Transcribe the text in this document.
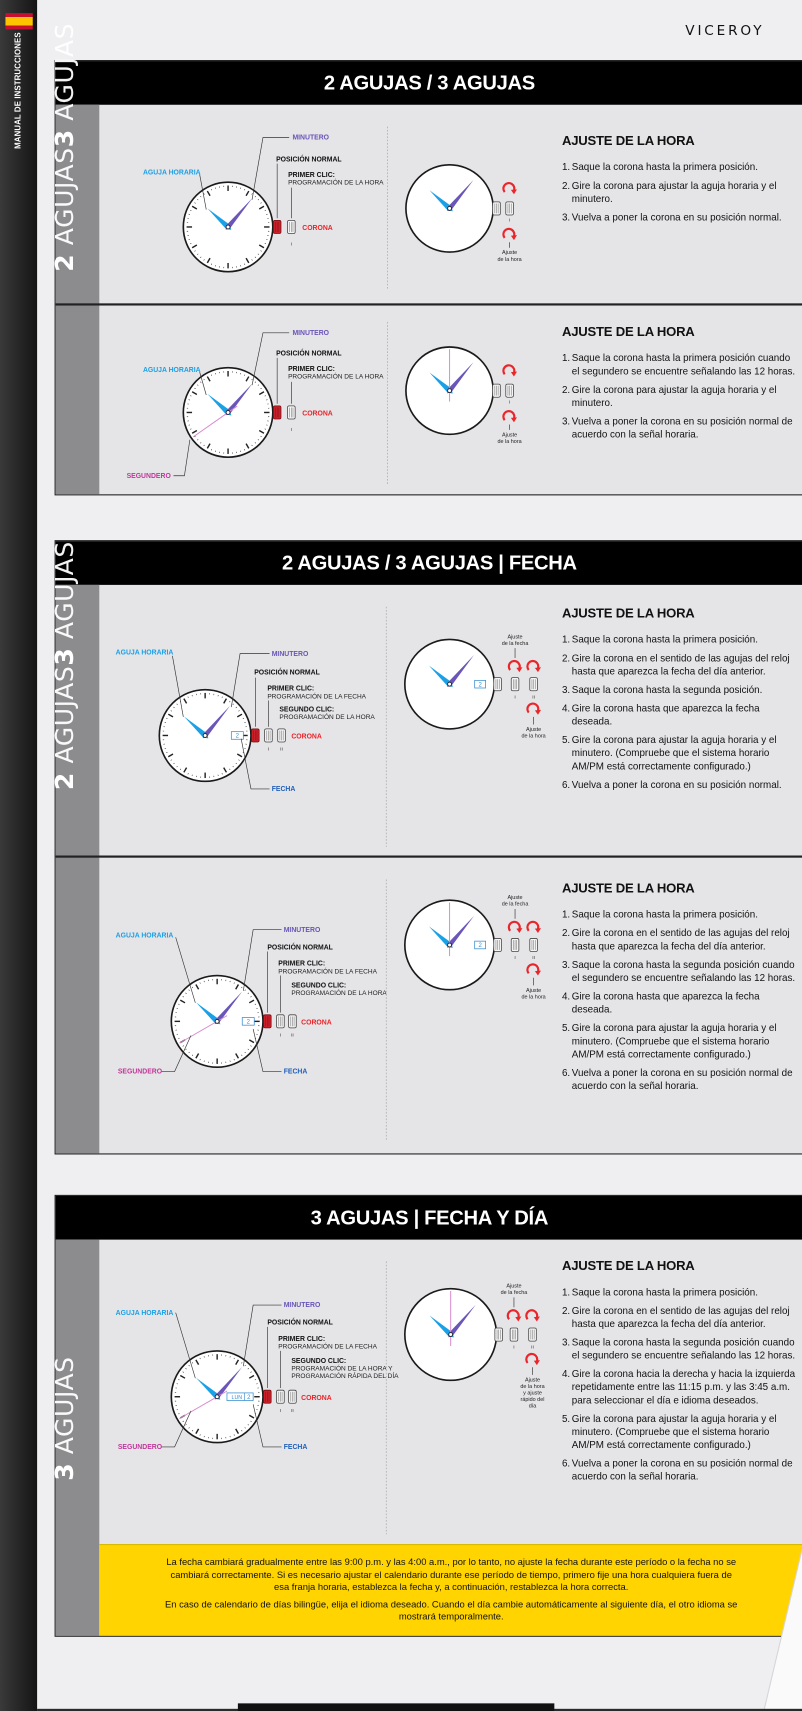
MANUAL DE INSTRUCCIONES
VICEROY
2 AGUJAS3 AGUJAS
2 AGUJAS3 AGUJAS
3 AGUJAS
2 AGUJAS / 3 AGUJAS
AGUJA HORARIA
MINUTERO
POSICIÓN NORMAL
PRIMER CLIC:
PROGRAMACIÓN DE LA HORA
CORONA
I
I
Ajuste
de la hora
AJUSTE DE LA HORA
1. Saque la corona hasta la primera posición.
2. Gire la corona para ajustar la aguja horaria y el minutero.
3. Vuelva a poner la corona en su posición normal.
AGUJA HORARIA
MINUTERO
POSICIÓN NORMAL
PRIMER CLIC:
PROGRAMACIÓN DE LA HORA
CORONA
SEGUNDERO
I
I
Ajuste
de la hora
AJUSTE DE LA HORA
1. Saque la corona hasta la primera posición cuando el segundero se encuentre señalando las 12 horas.
2. Gire la corona para ajustar la aguja horaria y el minutero.
3. Vuelva a poner la corona en su posición normal de acuerdo con la señal horaria.
2 AGUJAS / 3 AGUJAS | FECHA
2
AGUJA HORARIA	MINUTERO
POSICIÓN NORMAL
PRIMER CLIC:
PROGRAMACIÓN DE LA FECHA
SEGUNDO CLIC:
PROGRAMACIÓN DE LA HORA
CORONA
FECHA
I II
2
Ajuste
de la fecha
I	II
Ajuste
de la hora
AJUSTE DE LA HORA
1. Saque la corona hasta la primera posición.
2. Gire la corona en el sentido de las agujas del reloj hasta que aparezca la fecha del día anterior.
3. Saque la corona hasta la segunda posición.
4. Gire la corona hasta que aparezca la fecha deseada.
5. Gire la corona para ajustar la aguja horaria y el minutero. (Compruebe que el sistema horario AM/PM está correctamente configurado.)
6. Vuelva a poner la corona en su posición normal.
2
AGUJA HORARIA
MINUTERO
POSICIÓN NORMAL
PRIMER CLIC:
PROGRAMACIÓN DE LA FECHA
SEGUNDO CLIC:
PROGRAMACIÓN DE LA HORA
CORONA
FECHA
SEGUNDERO
I II
2
Ajuste
de la fecha
I	II
Ajuste
de la hora
AJUSTE DE LA HORA
1. Saque la corona hasta la primera posición.
2. Gire la corona en el sentido de las agujas del reloj hasta que aparezca la fecha del día anterior.
3. Saque la corona hasta la segunda posición cuando el segundero se encuentre señalando las 12 horas.
4. Gire la corona hasta que aparezca la fecha deseada.
5. Gire la corona para ajustar la aguja horaria y el minutero. (Compruebe que el sistema horario AM/PM está correctamente configurado.)
6. Vuelva a poner la corona en su posición normal de acuerdo con la señal horaria.
3 AGUJAS | FECHA Y DÍA
LUN 2
AGUJA HORARIA
MINUTERO
POSICIÓN NORMAL
PRIMER CLIC:
PROGRAMACIÓN DE LA FECHA
SEGUNDO CLIC:
PROGRAMACIÓN DE LA HORA Y
PROGRAMACIÓN RÁPIDA DEL DÍA
CORONA
FECHA
SEGUNDERO
I II
Ajuste
de la fecha
I	II
Ajuste
de la hora
y ajuste
rápido del
día
AJUSTE DE LA HORA
1. Saque la corona hasta la primera posición.
2. Gire la corona en el sentido de las agujas del reloj hasta que aparezca la fecha del día anterior.
3. Saque la corona hasta la segunda posición cuando el segundero se encuentre señalando las 12 horas.
4. Gire la corona hacia la derecha y hacia la izquierda repetidamente entre las 11:15 p.m. y las 3:45 a.m. para seleccionar el día e idioma deseados.
5. Gire la corona para ajustar la aguja horaria y el minutero. (Compruebe que el sistema horario AM/PM está correctamente configurado.)
6. Vuelva a poner la corona en su posición normal de acuerdo con la señal horaria.

La fecha cambiará gradualmente entre las 9:00 p.m. y las 4:00 a.m., por lo tanto, no ajuste la fecha durante este período o la fecha no se cambiará correctamente. Si es necesario ajustar el calendario durante ese período de tiempo, primero fije una hora cualquiera fuera de esa franja horaria, establezca la fecha y, a continuación, restablezca la hora correcta.

En caso de calendario de días bilingüe, elija el idioma deseado. Cuando el día cambie automáticamente al siguiente día, el otro idioma se mostrará temporalmente.
